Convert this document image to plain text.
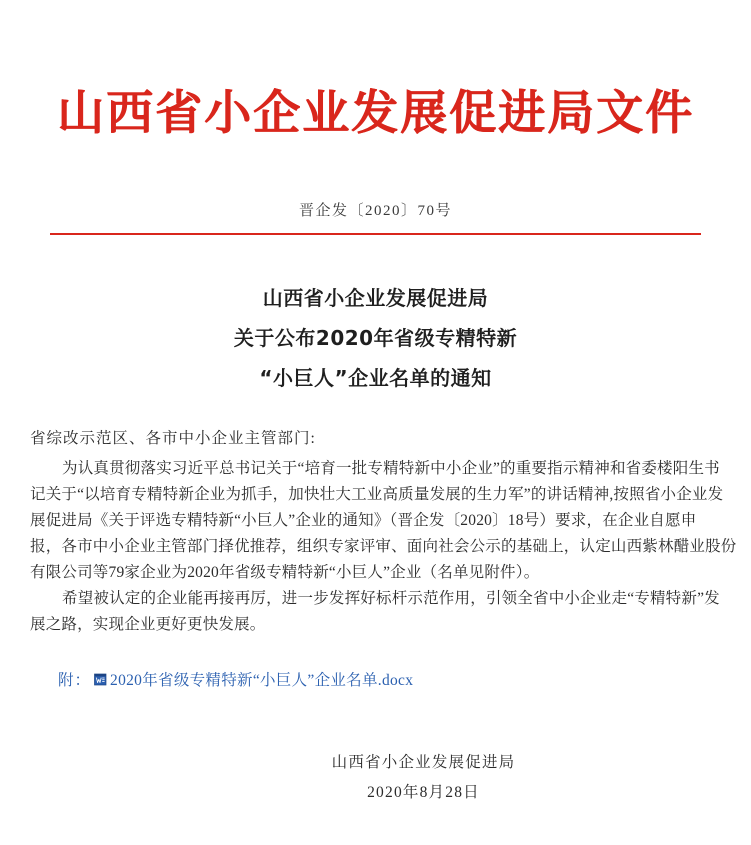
山西省小企业发展促进局文件
晋企发〔2020〕70号
山西省小企业发展促进局
关于公布2020年省级专精特新
“小巨人”企业名单的通知
省综改示范区、各市中小企业主管部门:
为认真贯彻落实习近平总书记关于“培育一批专精特新中小企业”的重要指示精神和省委楼阳生书
记关于“以培育专精特新企业为抓手，加快壮大工业高质量发展的生力军”的讲话精神,按照省小企业发
展促进局《关于评选专精特新“小巨人”企业的通知》（晋企发〔2020〕18号）要求，在企业自愿申
报，各市中小企业主管部门择优推荐，组织专家评审、面向社会公示的基础上，认定山西紫林醋业股份
有限公司等79家企业为2020年省级专精特新“小巨人”企业（名单见附件）。
希望被认定的企业能再接再厉，进一步发挥好标杆示范作用，引领全省中小企业走“专精特新”发
展之路，实现企业更好更快发展。
附： 2020年省级专精特新“小巨人”企业名单.docx
山西省小企业发展促进局
2020年8月28日
